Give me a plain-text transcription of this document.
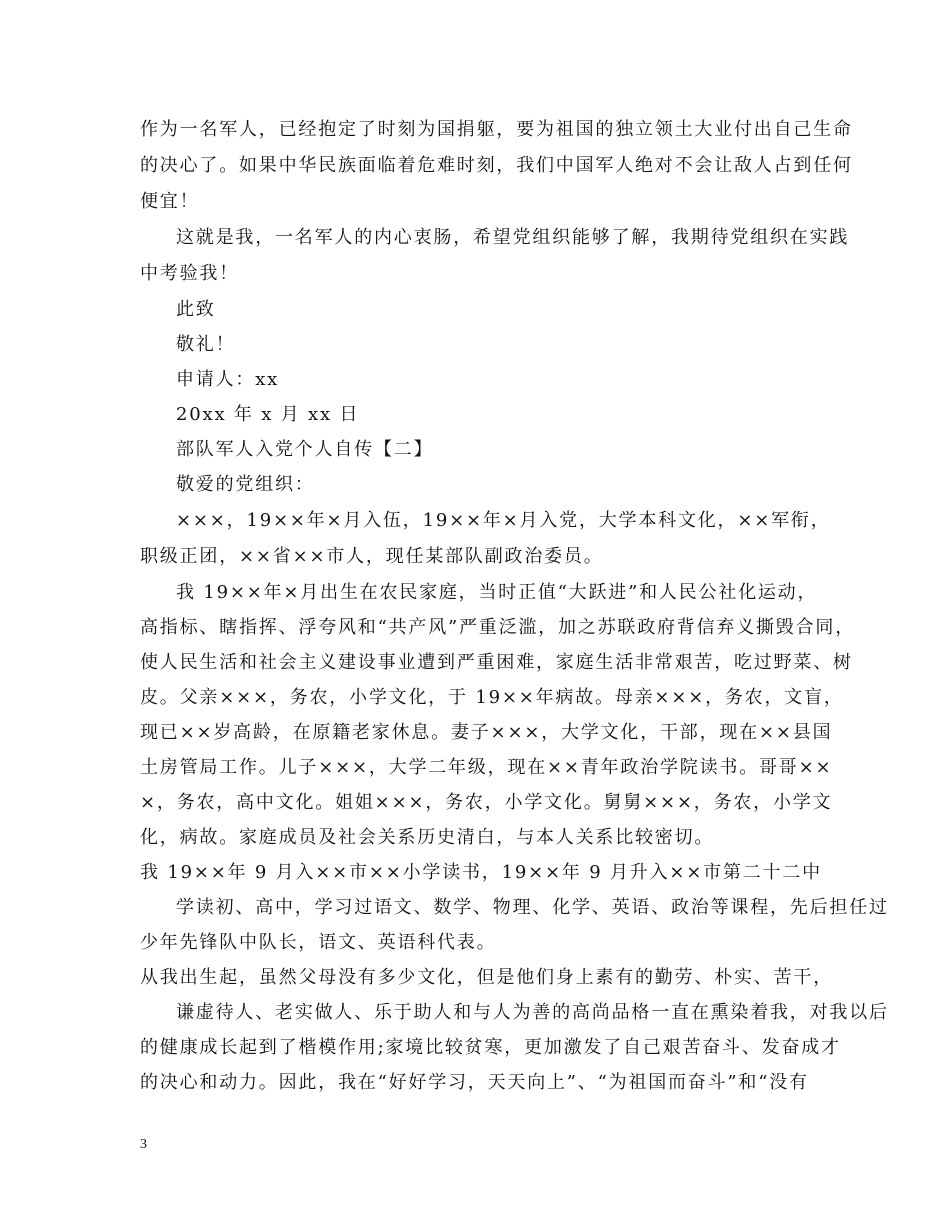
作为一名军人，已经抱定了时刻为国捐躯，要为祖国的独立领土大业付出自己生命
的决心了。如果中华民族面临着危难时刻，我们中国军人绝对不会让敌人占到任何
便宜！
这就是我，一名军人的内心衷肠，希望党组织能够了解，我期待党组织在实践
中考验我！
此致
敬礼！
申请人：xx
20xx 年 x 月 xx 日
部队军人入党个人自传【二】
敬爱的党组织：
×××，19××年×月入伍，19××年×月入党，大学本科文化，××军衔，
职级正团，××省××市人，现任某部队副政治委员。
我 19××年×月出生在农民家庭，当时正值“大跃进”和人民公社化运动，
高指标、瞎指挥、浮夸风和“共产风”严重泛滥，加之苏联政府背信弃义撕毁合同，
使人民生活和社会主义建设事业遭到严重困难，家庭生活非常艰苦，吃过野菜、树
皮。父亲×××，务农，小学文化，于 19××年病故。母亲×××，务农，文盲，
现已××岁高龄，在原籍老家休息。妻子×××，大学文化，干部，现在××县国
土房管局工作。儿子×××，大学二年级，现在××青年政治学院读书。哥哥××
×，务农，高中文化。姐姐×××，务农，小学文化。舅舅×××，务农，小学文
化，病故。家庭成员及社会关系历史清白，与本人关系比较密切。
我 19××年 9 月入××市××小学读书，19××年 9 月升入××市第二十二中
学读初、高中，学习过语文、数学、物理、化学、英语、政治等课程，先后担任过
少年先锋队中队长，语文、英语科代表。
从我出生起，虽然父母没有多少文化，但是他们身上素有的勤劳、朴实、苦干，
谦虚待人、老实做人、乐于助人和与人为善的高尚品格一直在熏染着我，对我以后
的健康成长起到了楷模作用;家境比较贫寒，更加激发了自己艰苦奋斗、发奋成才
的决心和动力。因此，我在“好好学习，天天向上”、“为祖国而奋斗”和“没有
3
